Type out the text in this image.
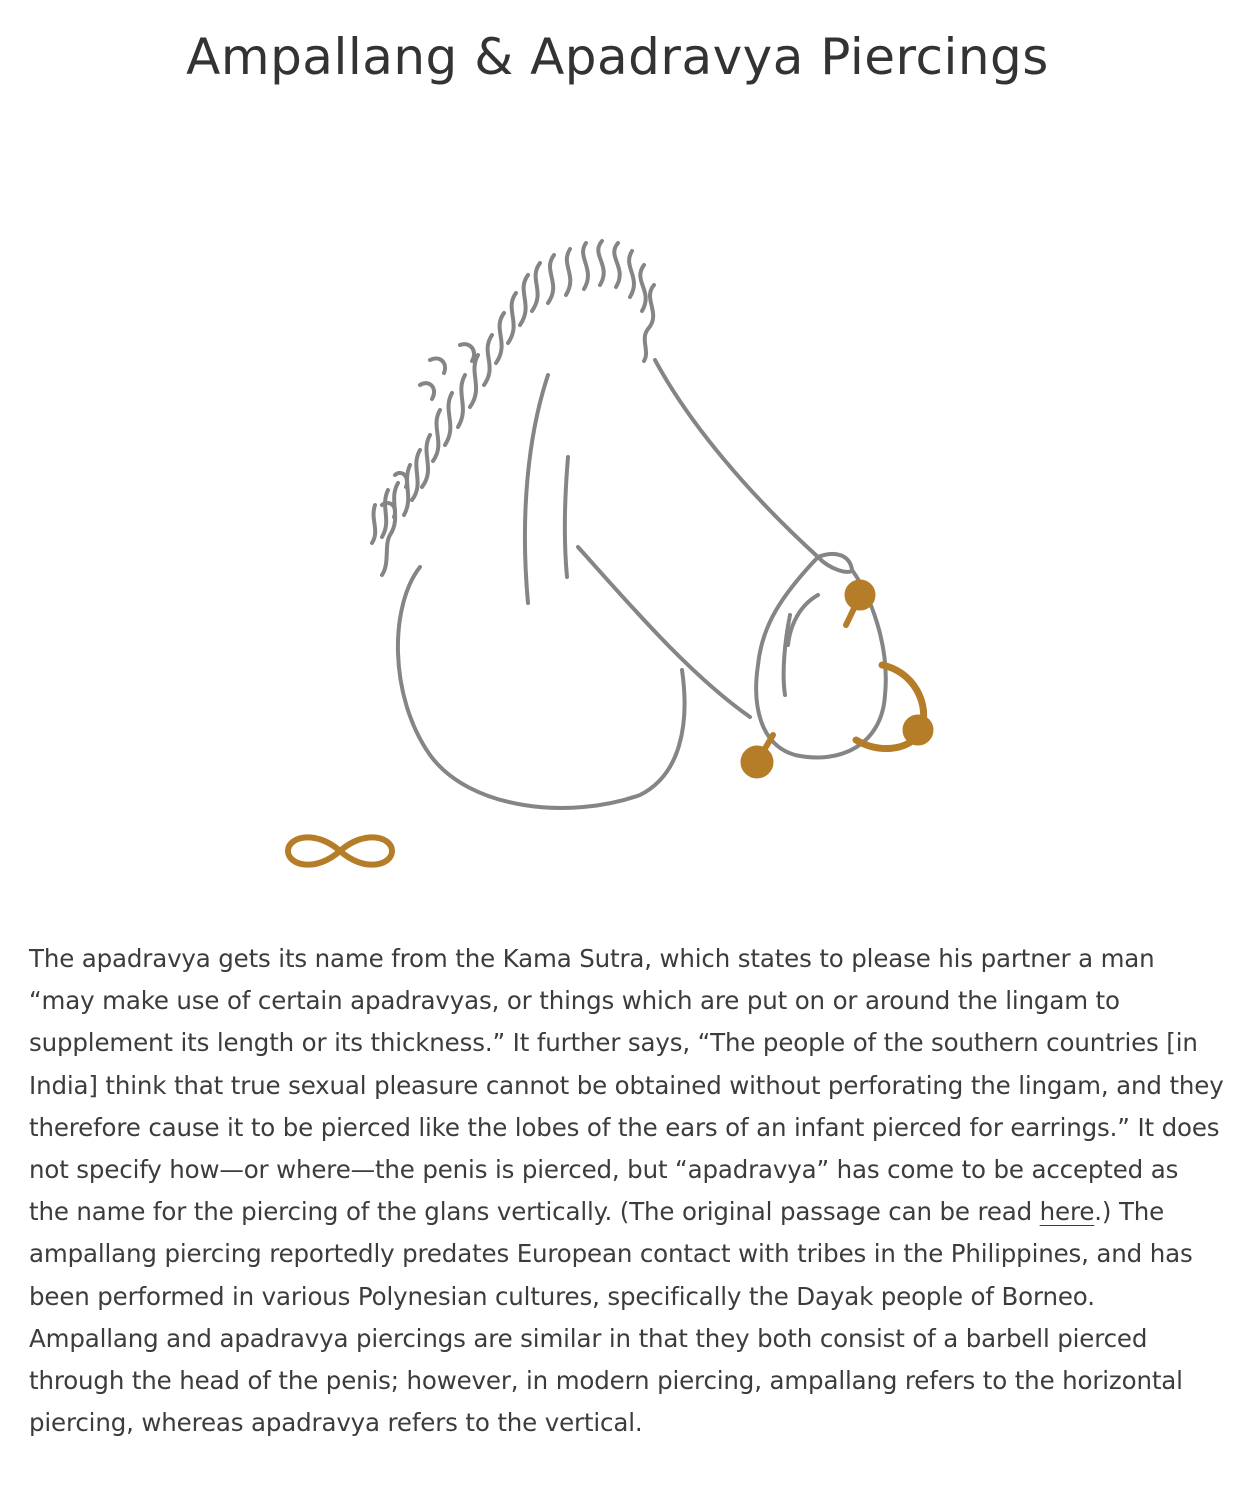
Ampallang & Apadravya Piercings

The apadravya gets its name from the Kama Sutra, which states to please his partner a man “may make use of certain apadravyas, or things which are put on or around the lingam to supplement its length or its thickness.” It further says, “The people of the southern countries [in India] think that true sexual pleasure cannot be obtained without perforating the lingam, and they therefore cause it to be pierced like the lobes of the ears of an infant pierced for earrings.” It does not specify how—or where—the penis is pierced, but “apadravya” has come to be accepted as the name for the piercing of the glans vertically. (The original passage can be read here.) The ampallang piercing reportedly predates European contact with tribes in the Philippines, and has been performed in various Polynesian cultures, specifically the Dayak people of Borneo. Ampallang and apadravya piercings are similar in that they both consist of a barbell pierced through the head of the penis; however, in modern piercing, ampallang refers to the horizontal piercing, whereas apadravya refers to the vertical.
